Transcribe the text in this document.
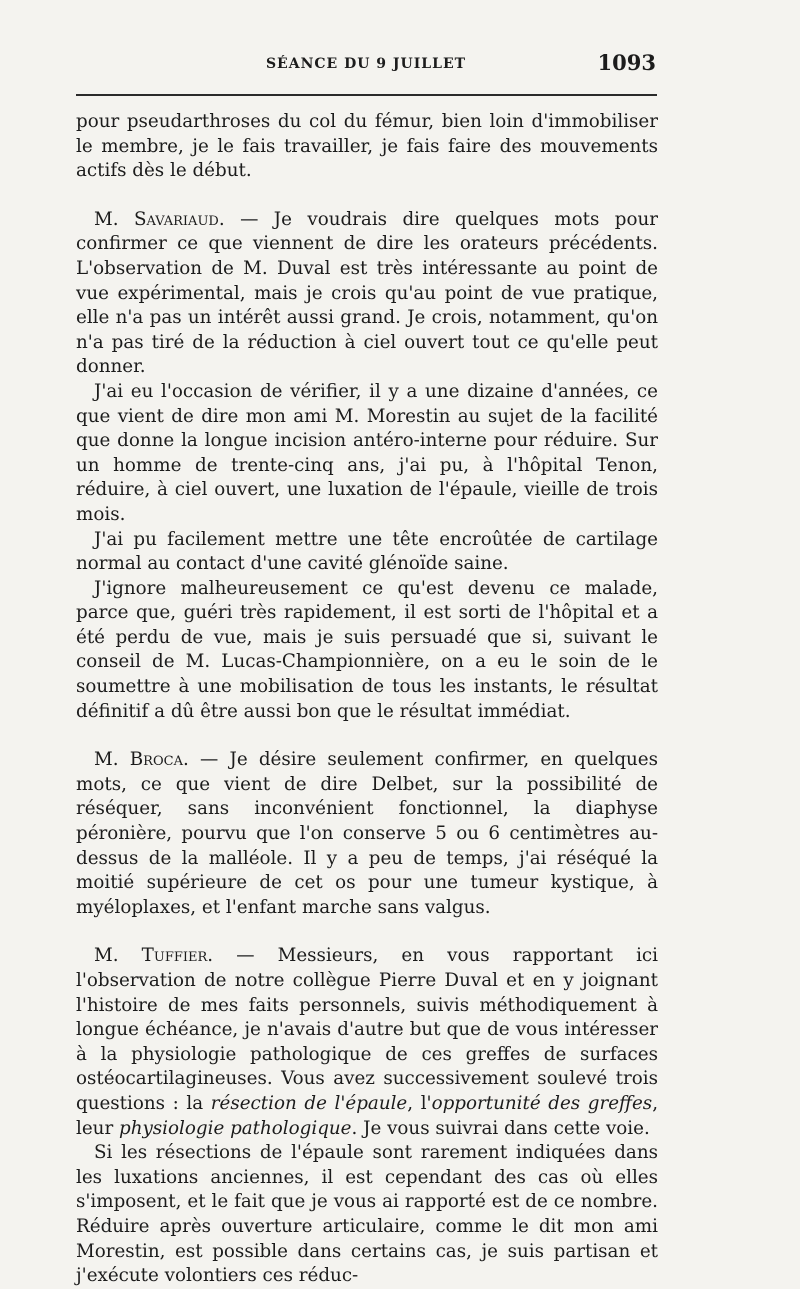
SÉANCE DU 9 JUILLET	1093

pour pseudarthroses du col du fémur, bien loin d'immobiliser le membre, je le fais travailler, je fais faire des mouvements actifs dès le début.

M. Savariaud. — Je voudrais dire quelques mots pour confirmer ce que viennent de dire les orateurs précédents. L'observation de M. Duval est très intéressante au point de vue expérimental, mais je crois qu'au point de vue pratique, elle n'a pas un intérêt aussi grand. Je crois, notamment, qu'on n'a pas tiré de la réduction à ciel ouvert tout ce qu'elle peut donner.

J'ai eu l'occasion de vérifier, il y a une dizaine d'années, ce que vient de dire mon ami M. Morestin au sujet de la facilité que donne la longue incision antéro-interne pour réduire. Sur un homme de trente-cinq ans, j'ai pu, à l'hôpital Tenon, réduire, à ciel ouvert, une luxation de l'épaule, vieille de trois mois.

J'ai pu facilement mettre une tête encroûtée de cartilage normal au contact d'une cavité glénoïde saine.

J'ignore malheureusement ce qu'est devenu ce malade, parce que, guéri très rapidement, il est sorti de l'hôpital et a été perdu de vue, mais je suis persuadé que si, suivant le conseil de M. Lucas-Championnière, on a eu le soin de le soumettre à une mobilisation de tous les instants, le résultat définitif a dû être aussi bon que le résultat immédiat.

M. Broca. — Je désire seulement confirmer, en quelques mots, ce que vient de dire Delbet, sur la possibilité de réséquer, sans inconvénient fonctionnel, la diaphyse péronière, pourvu que l'on conserve 5 ou 6 centimètres au-dessus de la malléole. Il y a peu de temps, j'ai réséqué la moitié supérieure de cet os pour une tumeur kystique, à myéloplaxes, et l'enfant marche sans valgus.

M. Tuffier. — Messieurs, en vous rapportant ici l'observation de notre collègue Pierre Duval et en y joignant l'histoire de mes faits personnels, suivis méthodiquement à longue échéance, je n'avais d'autre but que de vous intéresser à la physiologie pathologique de ces greffes de surfaces ostéocartilagineuses. Vous avez successivement soulevé trois questions : la résection de l'épaule, l'opportunité des greffes, leur physiologie pathologique. Je vous suivrai dans cette voie.

Si les résections de l'épaule sont rarement indiquées dans les luxations anciennes, il est cependant des cas où elles s'imposent, et le fait que je vous ai rapporté est de ce nombre. Réduire après ouverture articulaire, comme le dit mon ami Morestin, est possible dans certains cas, je suis partisan et j'exécute volontiers ces réduc-
